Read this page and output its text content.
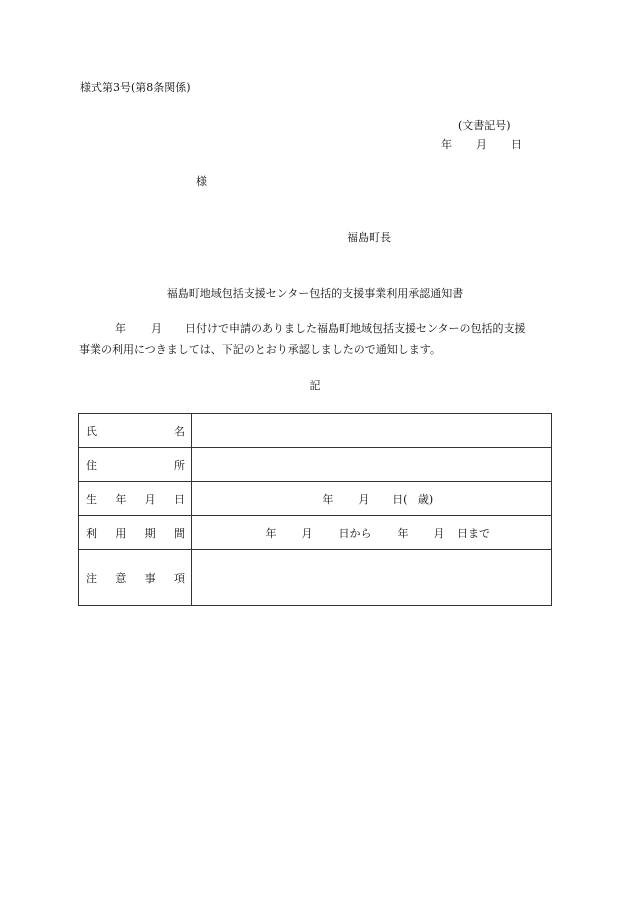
様式第3号(第8条関係)
(文書記号)
年 月 日
様
福島町長
福島町地域包括支援センター包括的支援事業利用承認通知書
年 月 日付けで申請のありました福島町地域包括支援センターの包括的支援
事業の利用につきましては、下記のとおり承認しましたので通知します。
記
氏 名	

住 所	

生 年 月 日	年 月 日( 歳)

利 用 期 間	年 月 日から 年 月 日まで

注 意 事 項	
